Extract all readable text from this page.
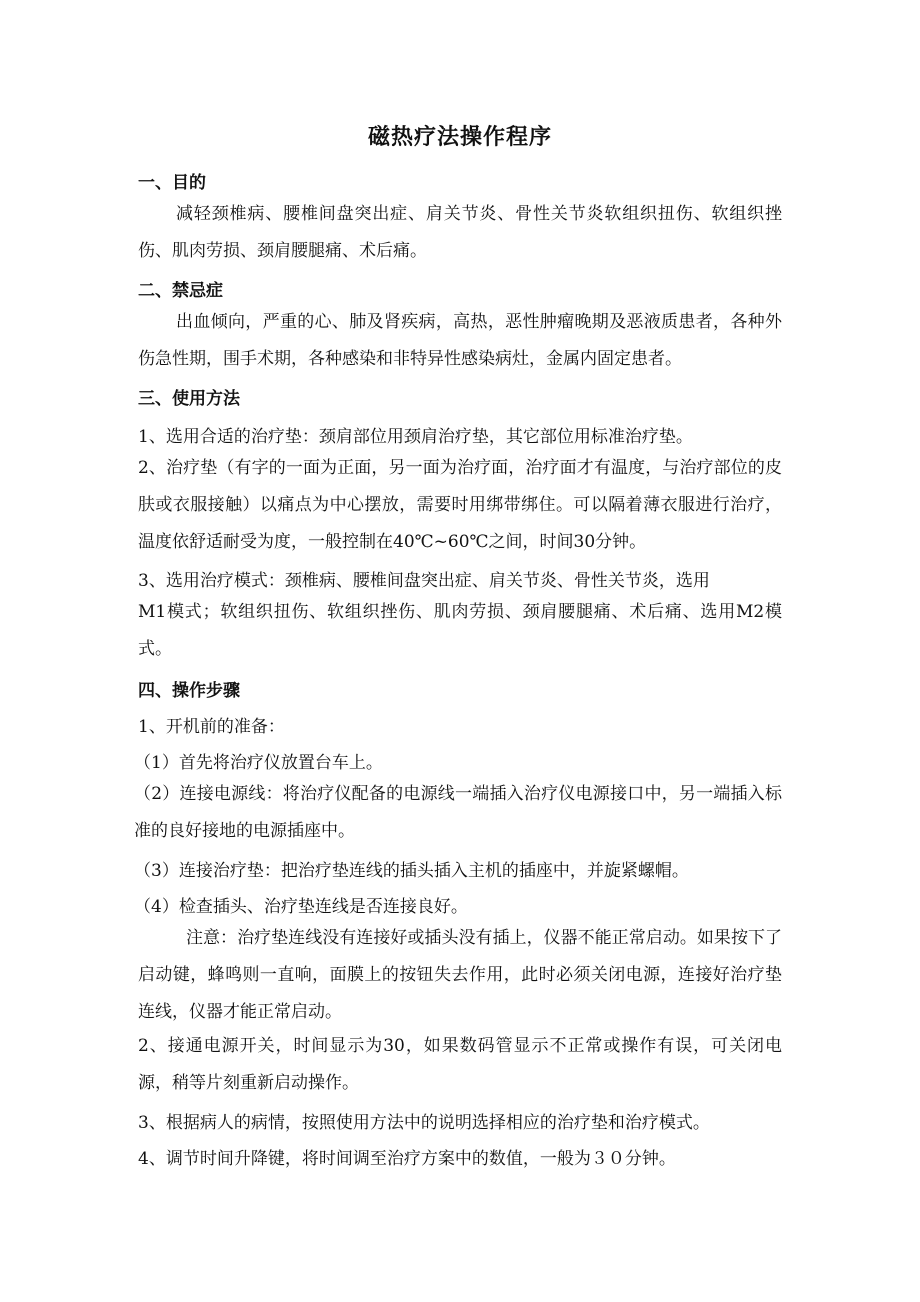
磁热疗法操作程序
一、目的

减轻颈椎病、腰椎间盘突出症、肩关节炎、骨性关节炎软组织扭伤、软组织挫伤、肌肉劳损、颈肩腰腿痛、术后痛。

二、禁忌症

出血倾向，严重的心、肺及肾疾病，高热，恶性肿瘤晚期及恶液质患者，各种外伤急性期，围手术期，各种感染和非特异性感染病灶，金属内固定患者。

三、使用方法
1、选用合适的治疗垫：颈肩部位用颈肩治疗垫，其它部位用标准治疗垫。

2、治疗垫（有字的一面为正面，另一面为治疗面，治疗面才有温度，与治疗部位的皮肤或衣服接触）以痛点为中心摆放，需要时用绑带绑住。可以隔着薄衣服进行治疗，温度依舒适耐受为度，一般控制在40℃~60℃之间，时间30分钟。

3、选用治疗模式：颈椎病、腰椎间盘突出症、肩关节炎、骨性关节炎，选用

M1模式；软组织扭伤、软组织挫伤、肌肉劳损、颈肩腰腿痛、术后痛、选用M2模式。

四、操作步骤
1、开机前的准备：
（1）首先将治疗仪放置台车上。

（2）连接电源线：将治疗仪配备的电源线一端插入治疗仪电源接口中，另一端插入标准的良好接地的电源插座中。

（3）连接治疗垫：把治疗垫连线的插头插入主机的插座中，并旋紧螺帽。
（4）检查插头、治疗垫连线是否连接良好。

注意：治疗垫连线没有连接好或插头没有插上，仪器不能正常启动。如果按下了启动键，蜂鸣则一直响，面膜上的按钮失去作用，此时必须关闭电源，连接好治疗垫连线，仪器才能正常启动。

2、接通电源开关，时间显示为30，如果数码管显示不正常或操作有误，可关闭电源，稍等片刻重新启动操作。

3、根据病人的病情，按照使用方法中的说明选择相应的治疗垫和治疗模式。
4、调节时间升降键，将时间调至治疗方案中的数值，一般为３０分钟。
